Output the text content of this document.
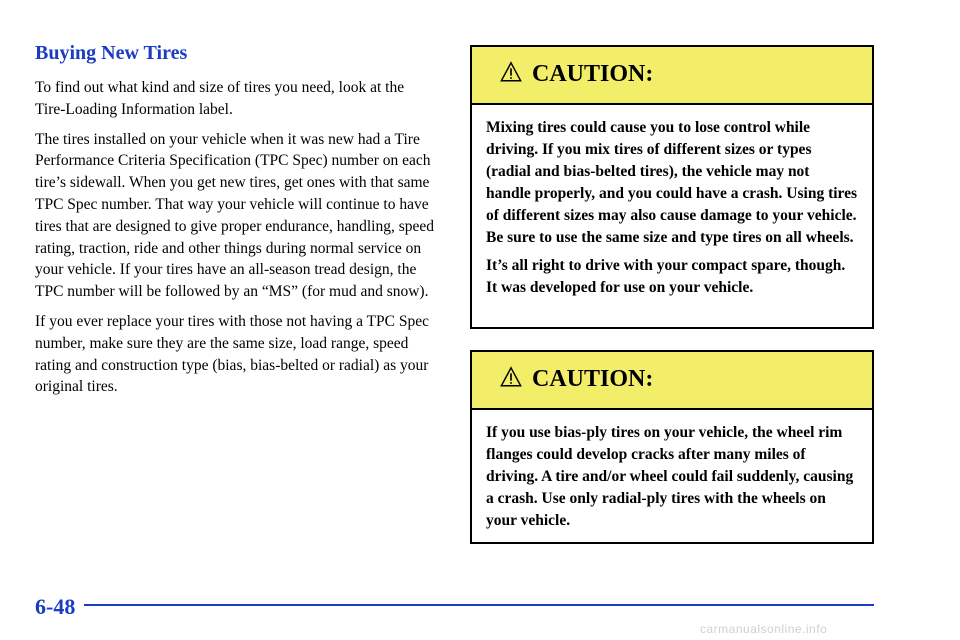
Buying New Tires

To find out what kind and size of tires you need, look at the Tire‑Loading Information label.

The tires installed on your vehicle when it was new had a Tire Performance Criteria Specification (TPC Spec) number on each tire’s sidewall. When you get new tires, get ones with that same TPC Spec number. That way your vehicle will continue to have tires that are designed to give proper endurance, handling, speed rating, traction, ride and other things during normal service on your vehicle. If your tires have an all‑season tread design, the TPC number will be followed by an “MS” (for mud and snow).

If you ever replace your tires with those not having a TPC Spec number, make sure they are the same size, load range, speed rating and construction type (bias, bias‑belted or radial) as your original tires.

CAUTION:

Mixing tires could cause you to lose control while driving. If you mix tires of different sizes or types (radial and bias‑belted tires), the vehicle may not handle properly, and you could have a crash. Using tires of different sizes may also cause damage to your vehicle. Be sure to use the same size and type tires on all wheels.

It’s all right to drive with your compact spare, though. It was developed for use on your vehicle.

CAUTION:

If you use bias‑ply tires on your vehicle, the wheel rim flanges could develop cracks after many miles of driving. A tire and/or wheel could fail suddenly, causing a crash. Use only radial‑ply tires with the wheels on your vehicle.

6-48
carmanualsonline.info
